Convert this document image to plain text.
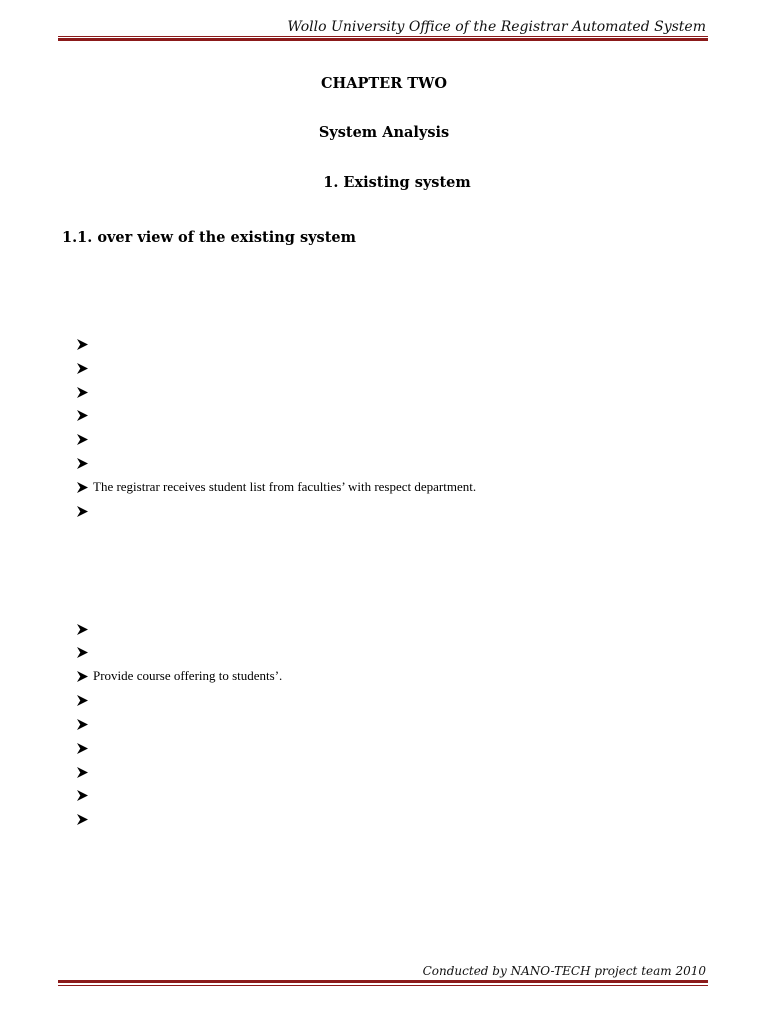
Wollo University Office of the Registrar Automated System
CHAPTER TWO
System Analysis
1. Existing system
1.1. over view of the existing system
The registrar receives student list from faculties’ with respect department.
Provide course offering to students’.
Conducted by NANO-TECH project team 2010
